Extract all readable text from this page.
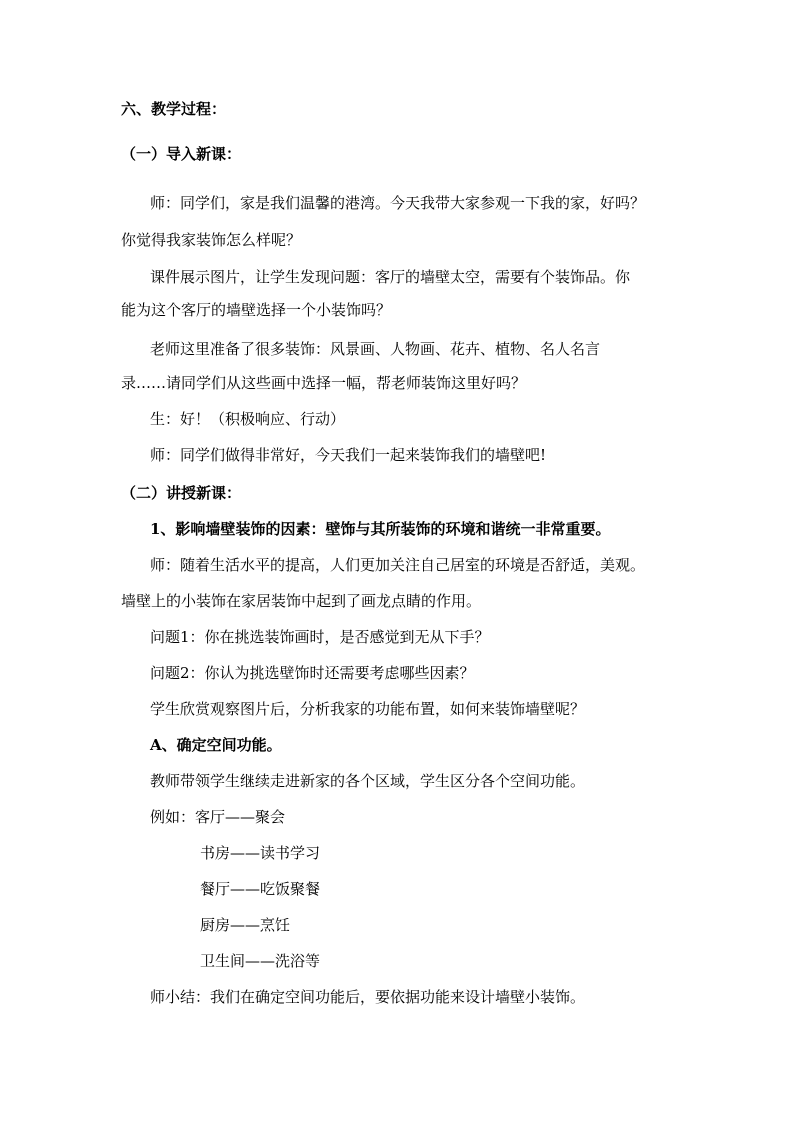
六、教学过程：
（一）导入新课：
师：同学们，家是我们温馨的港湾。今天我带大家参观一下我的家，好吗？
你觉得我家装饰怎么样呢？
课件展示图片，让学生发现问题：客厅的墙壁太空，需要有个装饰品。你
能为这个客厅的墙壁选择一个小装饰吗？
老师这里准备了很多装饰：风景画、人物画、花卉、植物、名人名言
录……请同学们从这些画中选择一幅，帮老师装饰这里好吗？
生：好！（积极响应、行动）
师：同学们做得非常好，今天我们一起来装饰我们的墙壁吧!
（二）讲授新课：
1、影响墙壁装饰的因素：壁饰与其所装饰的环境和谐统一非常重要。
师：随着生活水平的提高，人们更加关注自己居室的环境是否舒适，美观。
墙壁上的小装饰在家居装饰中起到了画龙点睛的作用。
问题1：你在挑选装饰画时，是否感觉到无从下手？
问题2：你认为挑选壁饰时还需要考虑哪些因素？
学生欣赏观察图片后，分析我家的功能布置，如何来装饰墙壁呢？
A、确定空间功能。
教师带领学生继续走进新家的各个区域，学生区分各个空间功能。
例如：客厅——聚会
书房——读书学习
餐厅——吃饭聚餐
厨房——烹饪
卫生间——洗浴等
师小结：我们在确定空间功能后，要依据功能来设计墙壁小装饰。
